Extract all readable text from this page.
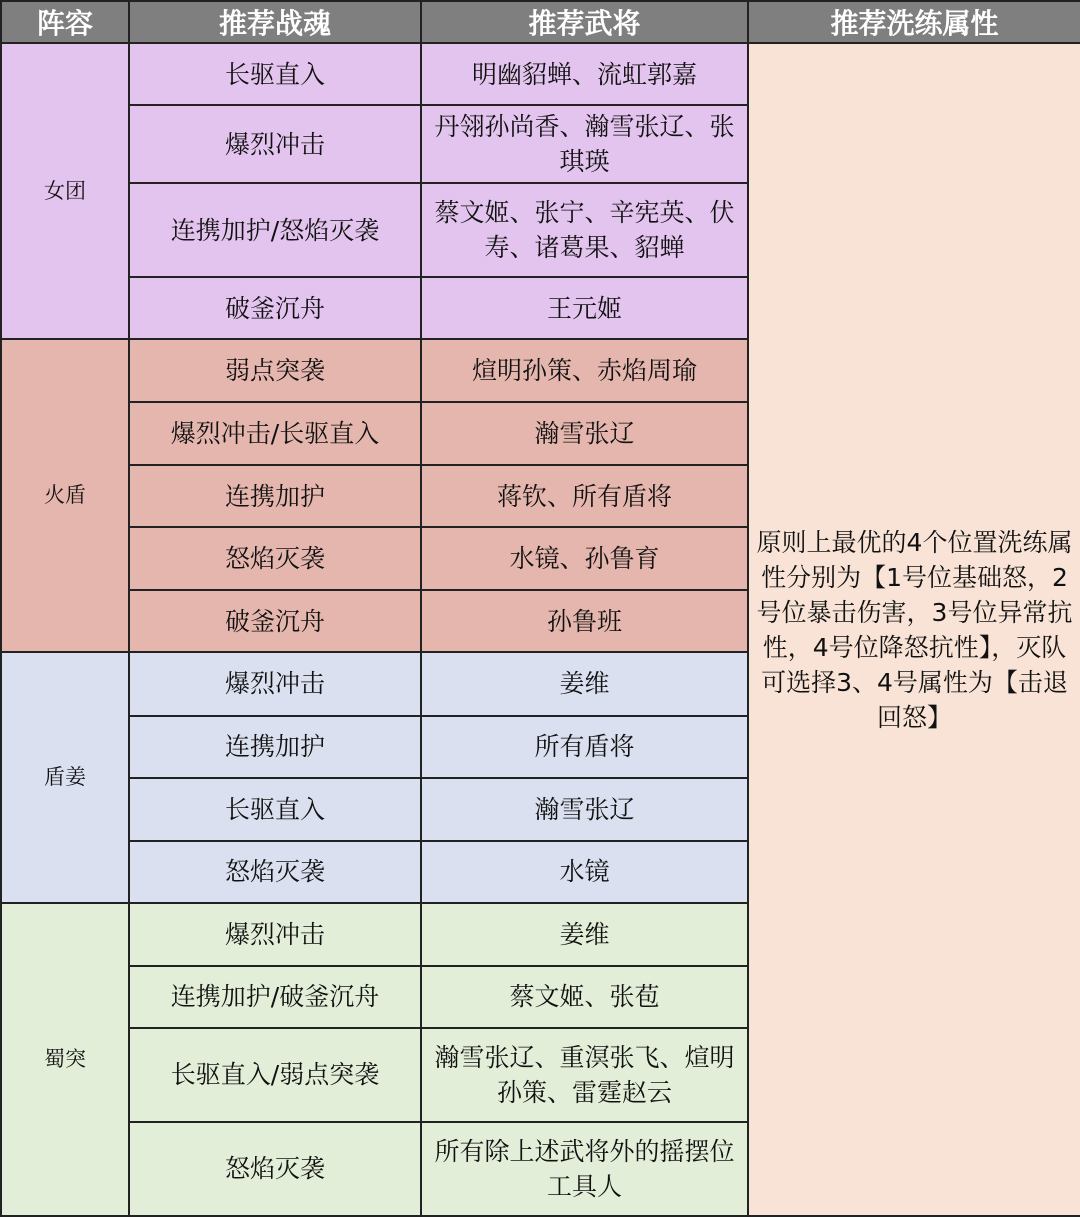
阵容	推荐战魂	推荐武将	推荐洗练属性
女团	长驱直入	明幽貂蝉、流虹郭嘉	原则上最优的4个位置洗练属性分别为【1号位基础怒，2号位暴击伤害，3号位异常抗性，4号位降怒抗性】，灭队可选择3、4号属性为【击退回怒】
	爆烈冲击	丹翎孙尚香、瀚雪张辽、张琪瑛	
	连携加护/怒焰灭袭	蔡文姬、张宁、辛宪英、伏寿、诸葛果、貂蝉	
	破釜沉舟	王元姬	
火盾	弱点突袭	煊明孙策、赤焰周瑜	
	爆烈冲击/长驱直入	瀚雪张辽	
	连携加护	蒋钦、所有盾将	
	怒焰灭袭	水镜、孙鲁育	
	破釜沉舟	孙鲁班	
盾姜	爆烈冲击	姜维	
	连携加护	所有盾将	
	长驱直入	瀚雪张辽	
	怒焰灭袭	水镜	
蜀突	爆烈冲击	姜维	
	连携加护/破釜沉舟	蔡文姬、张苞	
	长驱直入/弱点突袭	瀚雪张辽、重溟张飞、煊明孙策、雷霆赵云	
	怒焰灭袭	所有除上述武将外的摇摆位工具人	
